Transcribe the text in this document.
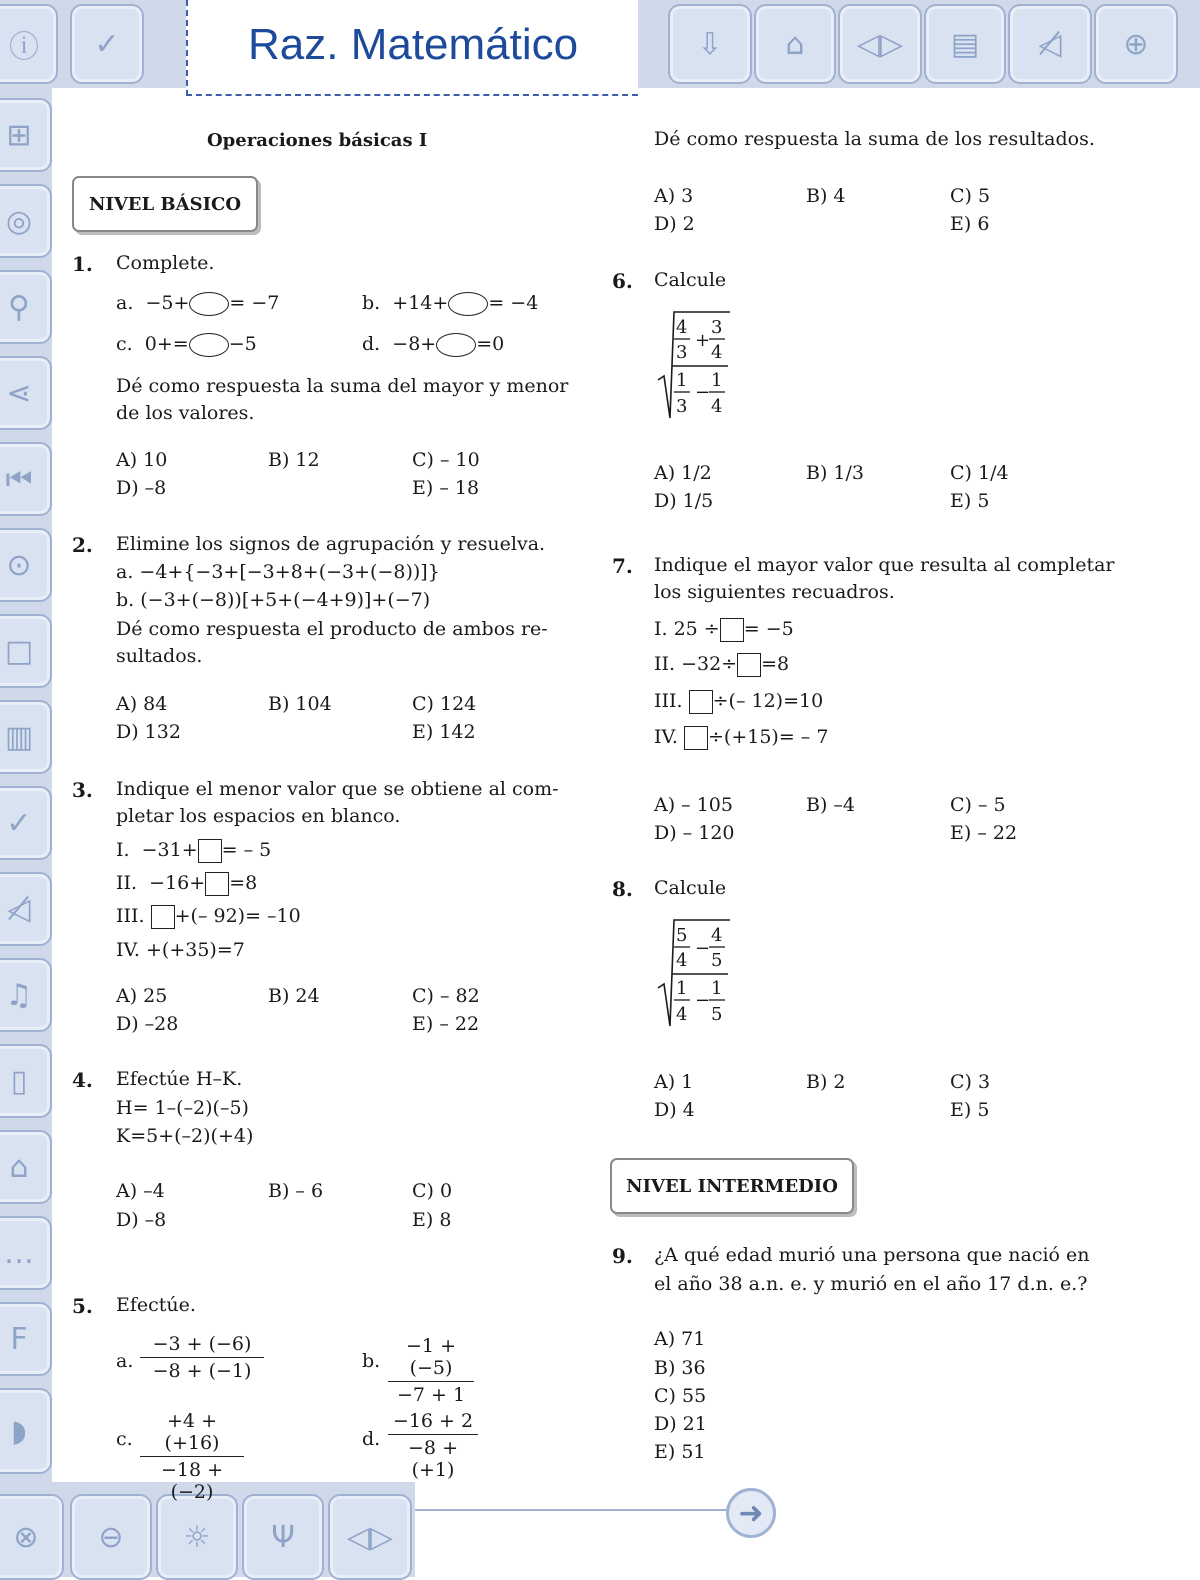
ⓘ	✓	⇩	⌂	◁▷	▤	◁̸	⊕
⊞
◎
⚲
⋖
⏮
⊙
□
▥
✓
◁̸
♫
▯
⌂
…
F
◗
⊗	⊖	☼	Ψ	◁▷
Raz. Matemático
➜
Operaciones básicas I
NIVEL BÁSICO
1. Complete.
a. −5+ = −7	b. +14+ = −4
c. 0+= −5	d. −8+ =0
Dé como respuesta la suma del mayor y menor
de los valores.
A) 10	B) 12	C) – 10
D) –8	E) – 18
2. Elimine los signos de agrupación y resuelva.
a. −4+{−3+[−3+8+(−3+(−8))]}
b. (−3+(−8))[+5+(−4+9)]+(−7)
Dé como respuesta el producto de ambos re-
sultados.
A) 84	B) 104	C) 124
D) 132	E) 142
3. Indique el menor valor que se obtiene al com-
pletar los espacios en blanco.
I. −31+ = – 5
II. −16+ =8
III. +(– 92)= –10
IV. +(+35)=7
A) 25	B) 24	C) – 82
D) –28	E) – 22
4. Efectúe H–K.
H= 1–(–2)(–5)
K=5+(–2)(+4)
A) –4	B) – 6	C) 0
D) –8	E) 8
5. Efectúe.
a. $\frac{-3 + (-6)}{-8 + (-1)}$	b. $\frac{-1 + (-5)}{-7 + 1}$
c. $\frac{+4 + (+16)}{-18 + (-2)}$	d. $\frac{-16 + 2}{-8 + (+1)}$
Dé como respuesta la suma de los resultados.
A) 3	B) 4	C) 5
D) 2	E) 6
6. Calcule
4 3
+
3 4
1 1
−
3 4
A) 1/2	B) 1/3	C) 1/4
D) 1/5	E) 5
7. Indique el mayor valor que resulta al completar
los siguientes recuadros.
I. 25 ÷ = −5
II. −32÷ =8
III. ÷(– 12)=10
IV. ÷(+15)= – 7
A) – 105	B) –4	C) – 5
D) – 120	E) – 22
8. Calcule
5 4
−
4 5
1 1
−
4 5
A) 1	B) 2	C) 3
D) 4	E) 5
NIVEL INTERMEDIO
9. ¿A qué edad murió una persona que nació en
el año 38 a.n. e. y murió en el año 17 d.n. e.?
A) 71
B) 36
C) 55
D) 21
E) 51
